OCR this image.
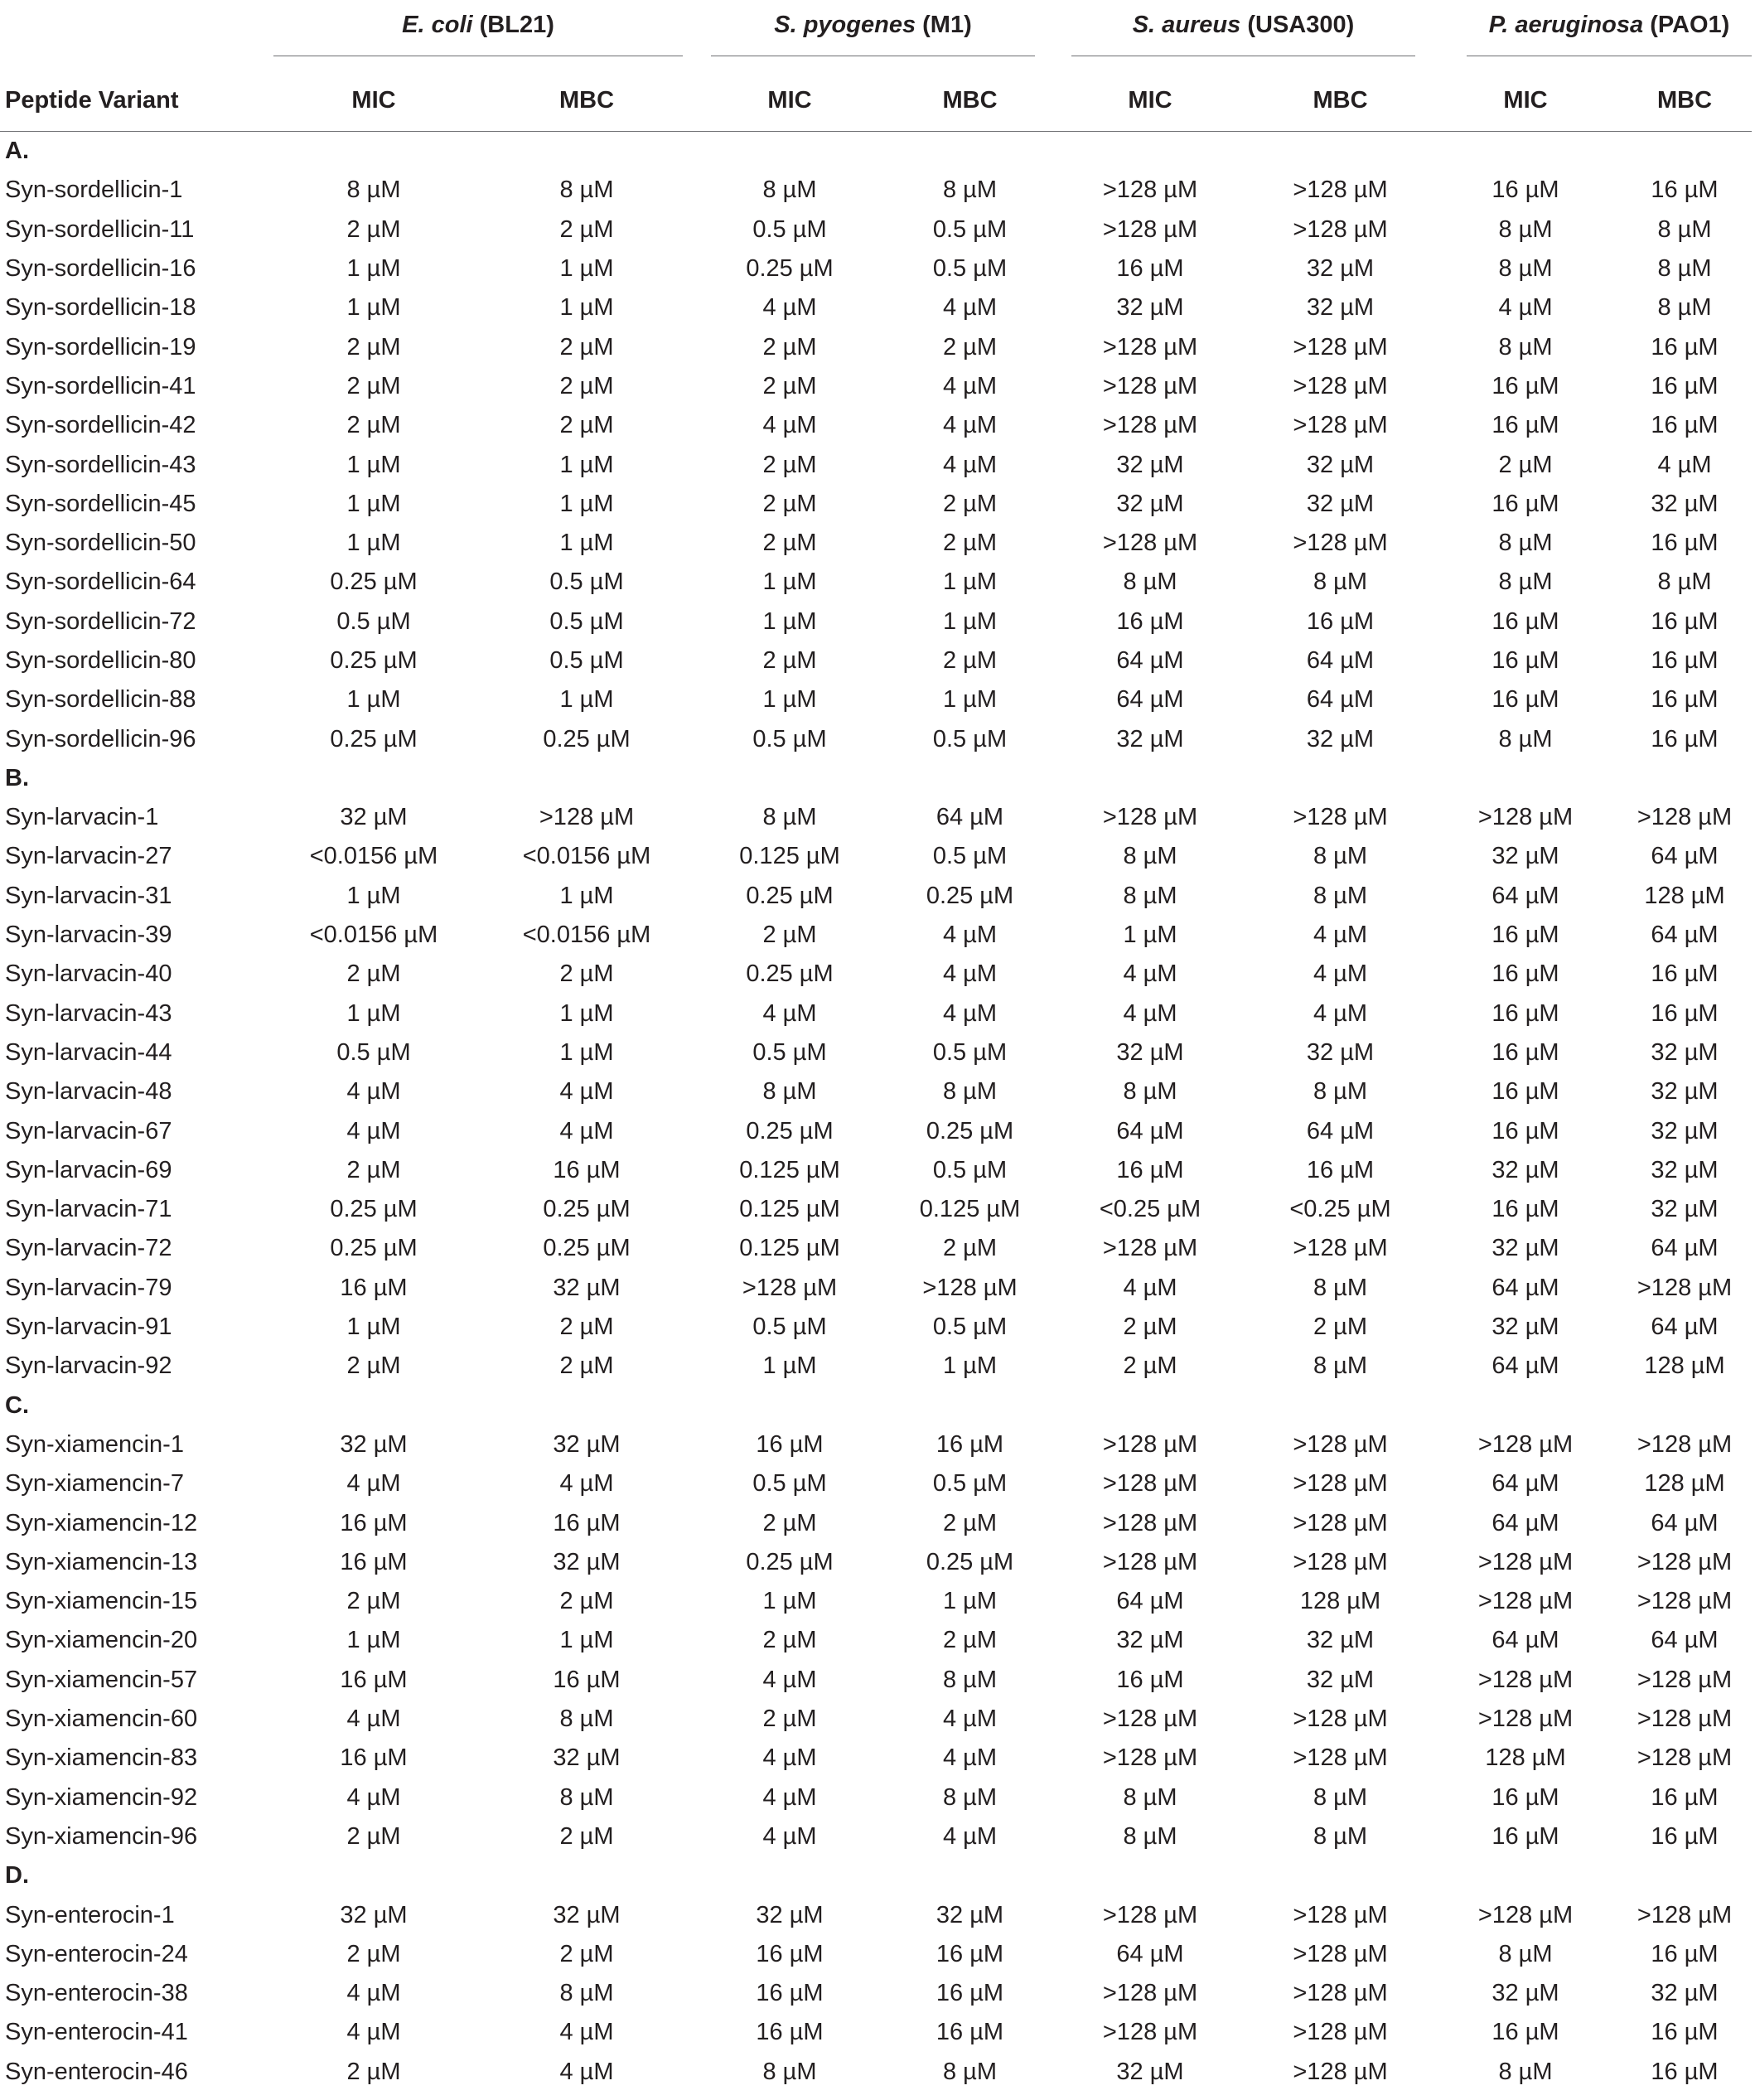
	E. coli (BL21)		S. pyogenes (M1)		S. aureus (USA300)		P. aeruginosa (PAO1)	

Peptide Variant	MIC	MBC	MIC	MBC	MIC	MBC	MIC	MBC
A.								
Syn-sordellicin-1	8 µM	8 µM	8 µM	8 µM	>128 µM	>128 µM	16 µM	16 µM
Syn-sordellicin-11	2 µM	2 µM	0.5 µM	0.5 µM	>128 µM	>128 µM	8 µM	8 µM
Syn-sordellicin-16	1 µM	1 µM	0.25 µM	0.5 µM	16 µM	32 µM	8 µM	8 µM
Syn-sordellicin-18	1 µM	1 µM	4 µM	4 µM	32 µM	32 µM	4 µM	8 µM
Syn-sordellicin-19	2 µM	2 µM	2 µM	2 µM	>128 µM	>128 µM	8 µM	16 µM
Syn-sordellicin-41	2 µM	2 µM	2 µM	4 µM	>128 µM	>128 µM	16 µM	16 µM
Syn-sordellicin-42	2 µM	2 µM	4 µM	4 µM	>128 µM	>128 µM	16 µM	16 µM
Syn-sordellicin-43	1 µM	1 µM	2 µM	4 µM	32 µM	32 µM	2 µM	4 µM
Syn-sordellicin-45	1 µM	1 µM	2 µM	2 µM	32 µM	32 µM	16 µM	32 µM
Syn-sordellicin-50	1 µM	1 µM	2 µM	2 µM	>128 µM	>128 µM	8 µM	16 µM
Syn-sordellicin-64	0.25 µM	0.5 µM	1 µM	1 µM	8 µM	8 µM	8 µM	8 µM
Syn-sordellicin-72	0.5 µM	0.5 µM	1 µM	1 µM	16 µM	16 µM	16 µM	16 µM
Syn-sordellicin-80	0.25 µM	0.5 µM	2 µM	2 µM	64 µM	64 µM	16 µM	16 µM
Syn-sordellicin-88	1 µM	1 µM	1 µM	1 µM	64 µM	64 µM	16 µM	16 µM
Syn-sordellicin-96	0.25 µM	0.25 µM	0.5 µM	0.5 µM	32 µM	32 µM	8 µM	16 µM
B.								
Syn-larvacin-1	32 µM	>128 µM	8 µM	64 µM	>128 µM	>128 µM	>128 µM	>128 µM
Syn-larvacin-27	<0.0156 µM	<0.0156 µM	0.125 µM	0.5 µM	8 µM	8 µM	32 µM	64 µM
Syn-larvacin-31	1 µM	1 µM	0.25 µM	0.25 µM	8 µM	8 µM	64 µM	128 µM
Syn-larvacin-39	<0.0156 µM	<0.0156 µM	2 µM	4 µM	1 µM	4 µM	16 µM	64 µM
Syn-larvacin-40	2 µM	2 µM	0.25 µM	4 µM	4 µM	4 µM	16 µM	16 µM
Syn-larvacin-43	1 µM	1 µM	4 µM	4 µM	4 µM	4 µM	16 µM	16 µM
Syn-larvacin-44	0.5 µM	1 µM	0.5 µM	0.5 µM	32 µM	32 µM	16 µM	32 µM
Syn-larvacin-48	4 µM	4 µM	8 µM	8 µM	8 µM	8 µM	16 µM	32 µM
Syn-larvacin-67	4 µM	4 µM	0.25 µM	0.25 µM	64 µM	64 µM	16 µM	32 µM
Syn-larvacin-69	2 µM	16 µM	0.125 µM	0.5 µM	16 µM	16 µM	32 µM	32 µM
Syn-larvacin-71	0.25 µM	0.25 µM	0.125 µM	0.125 µM	<0.25 µM	<0.25 µM	16 µM	32 µM
Syn-larvacin-72	0.25 µM	0.25 µM	0.125 µM	2 µM	>128 µM	>128 µM	32 µM	64 µM
Syn-larvacin-79	16 µM	32 µM	>128 µM	>128 µM	4 µM	8 µM	64 µM	>128 µM
Syn-larvacin-91	1 µM	2 µM	0.5 µM	0.5 µM	2 µM	2 µM	32 µM	64 µM
Syn-larvacin-92	2 µM	2 µM	1 µM	1 µM	2 µM	8 µM	64 µM	128 µM
C.								
Syn-xiamencin-1	32 µM	32 µM	16 µM	16 µM	>128 µM	>128 µM	>128 µM	>128 µM
Syn-xiamencin-7	4 µM	4 µM	0.5 µM	0.5 µM	>128 µM	>128 µM	64 µM	128 µM
Syn-xiamencin-12	16 µM	16 µM	2 µM	2 µM	>128 µM	>128 µM	64 µM	64 µM
Syn-xiamencin-13	16 µM	32 µM	0.25 µM	0.25 µM	>128 µM	>128 µM	>128 µM	>128 µM
Syn-xiamencin-15	2 µM	2 µM	1 µM	1 µM	64 µM	128 µM	>128 µM	>128 µM
Syn-xiamencin-20	1 µM	1 µM	2 µM	2 µM	32 µM	32 µM	64 µM	64 µM
Syn-xiamencin-57	16 µM	16 µM	4 µM	8 µM	16 µM	32 µM	>128 µM	>128 µM
Syn-xiamencin-60	4 µM	8 µM	2 µM	4 µM	>128 µM	>128 µM	>128 µM	>128 µM
Syn-xiamencin-83	16 µM	32 µM	4 µM	4 µM	>128 µM	>128 µM	128 µM	>128 µM
Syn-xiamencin-92	4 µM	8 µM	4 µM	8 µM	8 µM	8 µM	16 µM	16 µM
Syn-xiamencin-96	2 µM	2 µM	4 µM	4 µM	8 µM	8 µM	16 µM	16 µM
D.								
Syn-enterocin-1	32 µM	32 µM	32 µM	32 µM	>128 µM	>128 µM	>128 µM	>128 µM
Syn-enterocin-24	2 µM	2 µM	16 µM	16 µM	64 µM	>128 µM	8 µM	16 µM
Syn-enterocin-38	4 µM	8 µM	16 µM	16 µM	>128 µM	>128 µM	32 µM	32 µM
Syn-enterocin-41	4 µM	4 µM	16 µM	16 µM	>128 µM	>128 µM	16 µM	16 µM
Syn-enterocin-46	2 µM	4 µM	8 µM	8 µM	32 µM	>128 µM	8 µM	16 µM
